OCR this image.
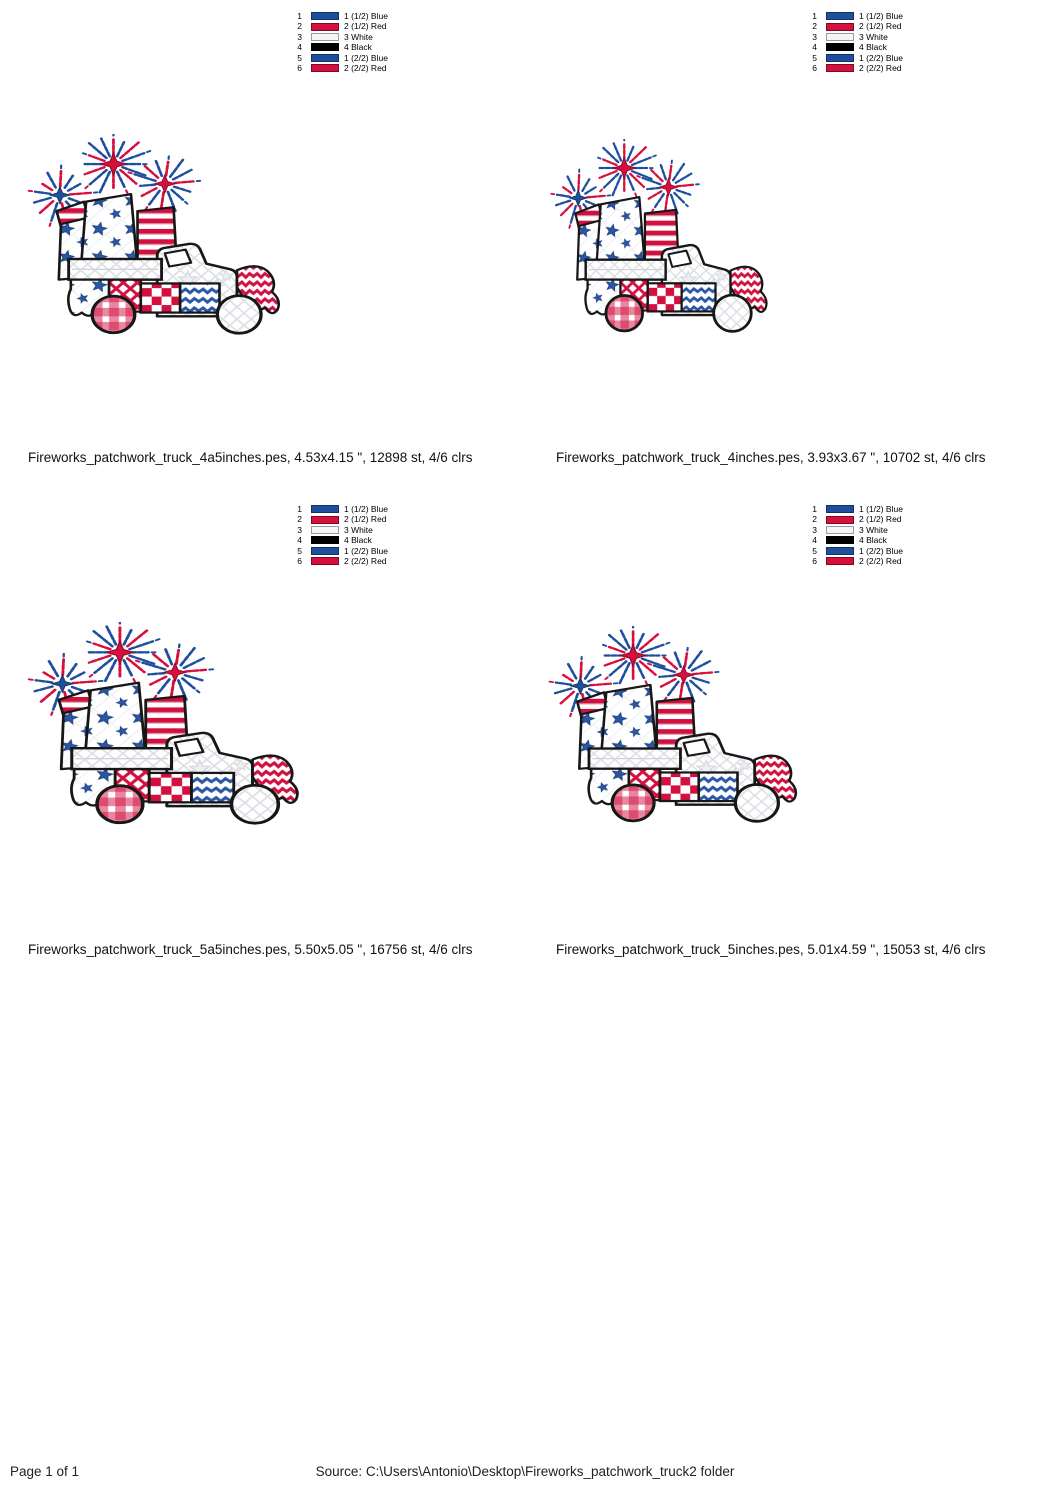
1	1 (1/2) Blue
2	2 (1/2) Red
3	3 White
4	4 Black
5	1 (2/2) Blue
6	2 (2/2) Red
Fireworks_patchwork_truck_4a5inches.pes, 4.53x4.15 ", 12898 st, 4/6 clrs
1	1 (1/2) Blue
2	2 (1/2) Red
3	3 White
4	4 Black
5	1 (2/2) Blue
6	2 (2/2) Red
Fireworks_patchwork_truck_4inches.pes, 3.93x3.67 ", 10702 st, 4/6 clrs
1	1 (1/2) Blue
2	2 (1/2) Red
3	3 White
4	4 Black
5	1 (2/2) Blue
6	2 (2/2) Red
Fireworks_patchwork_truck_5a5inches.pes, 5.50x5.05 ", 16756 st, 4/6 clrs
1	1 (1/2) Blue
2	2 (1/2) Red
3	3 White
4	4 Black
5	1 (2/2) Blue
6	2 (2/2) Red
Fireworks_patchwork_truck_5inches.pes, 5.01x4.59 ", 15053 st, 4/6 clrs
Page 1 of 1	Source: C:\Users\Antonio\Desktop\Fireworks_patchwork_truck2 folder
